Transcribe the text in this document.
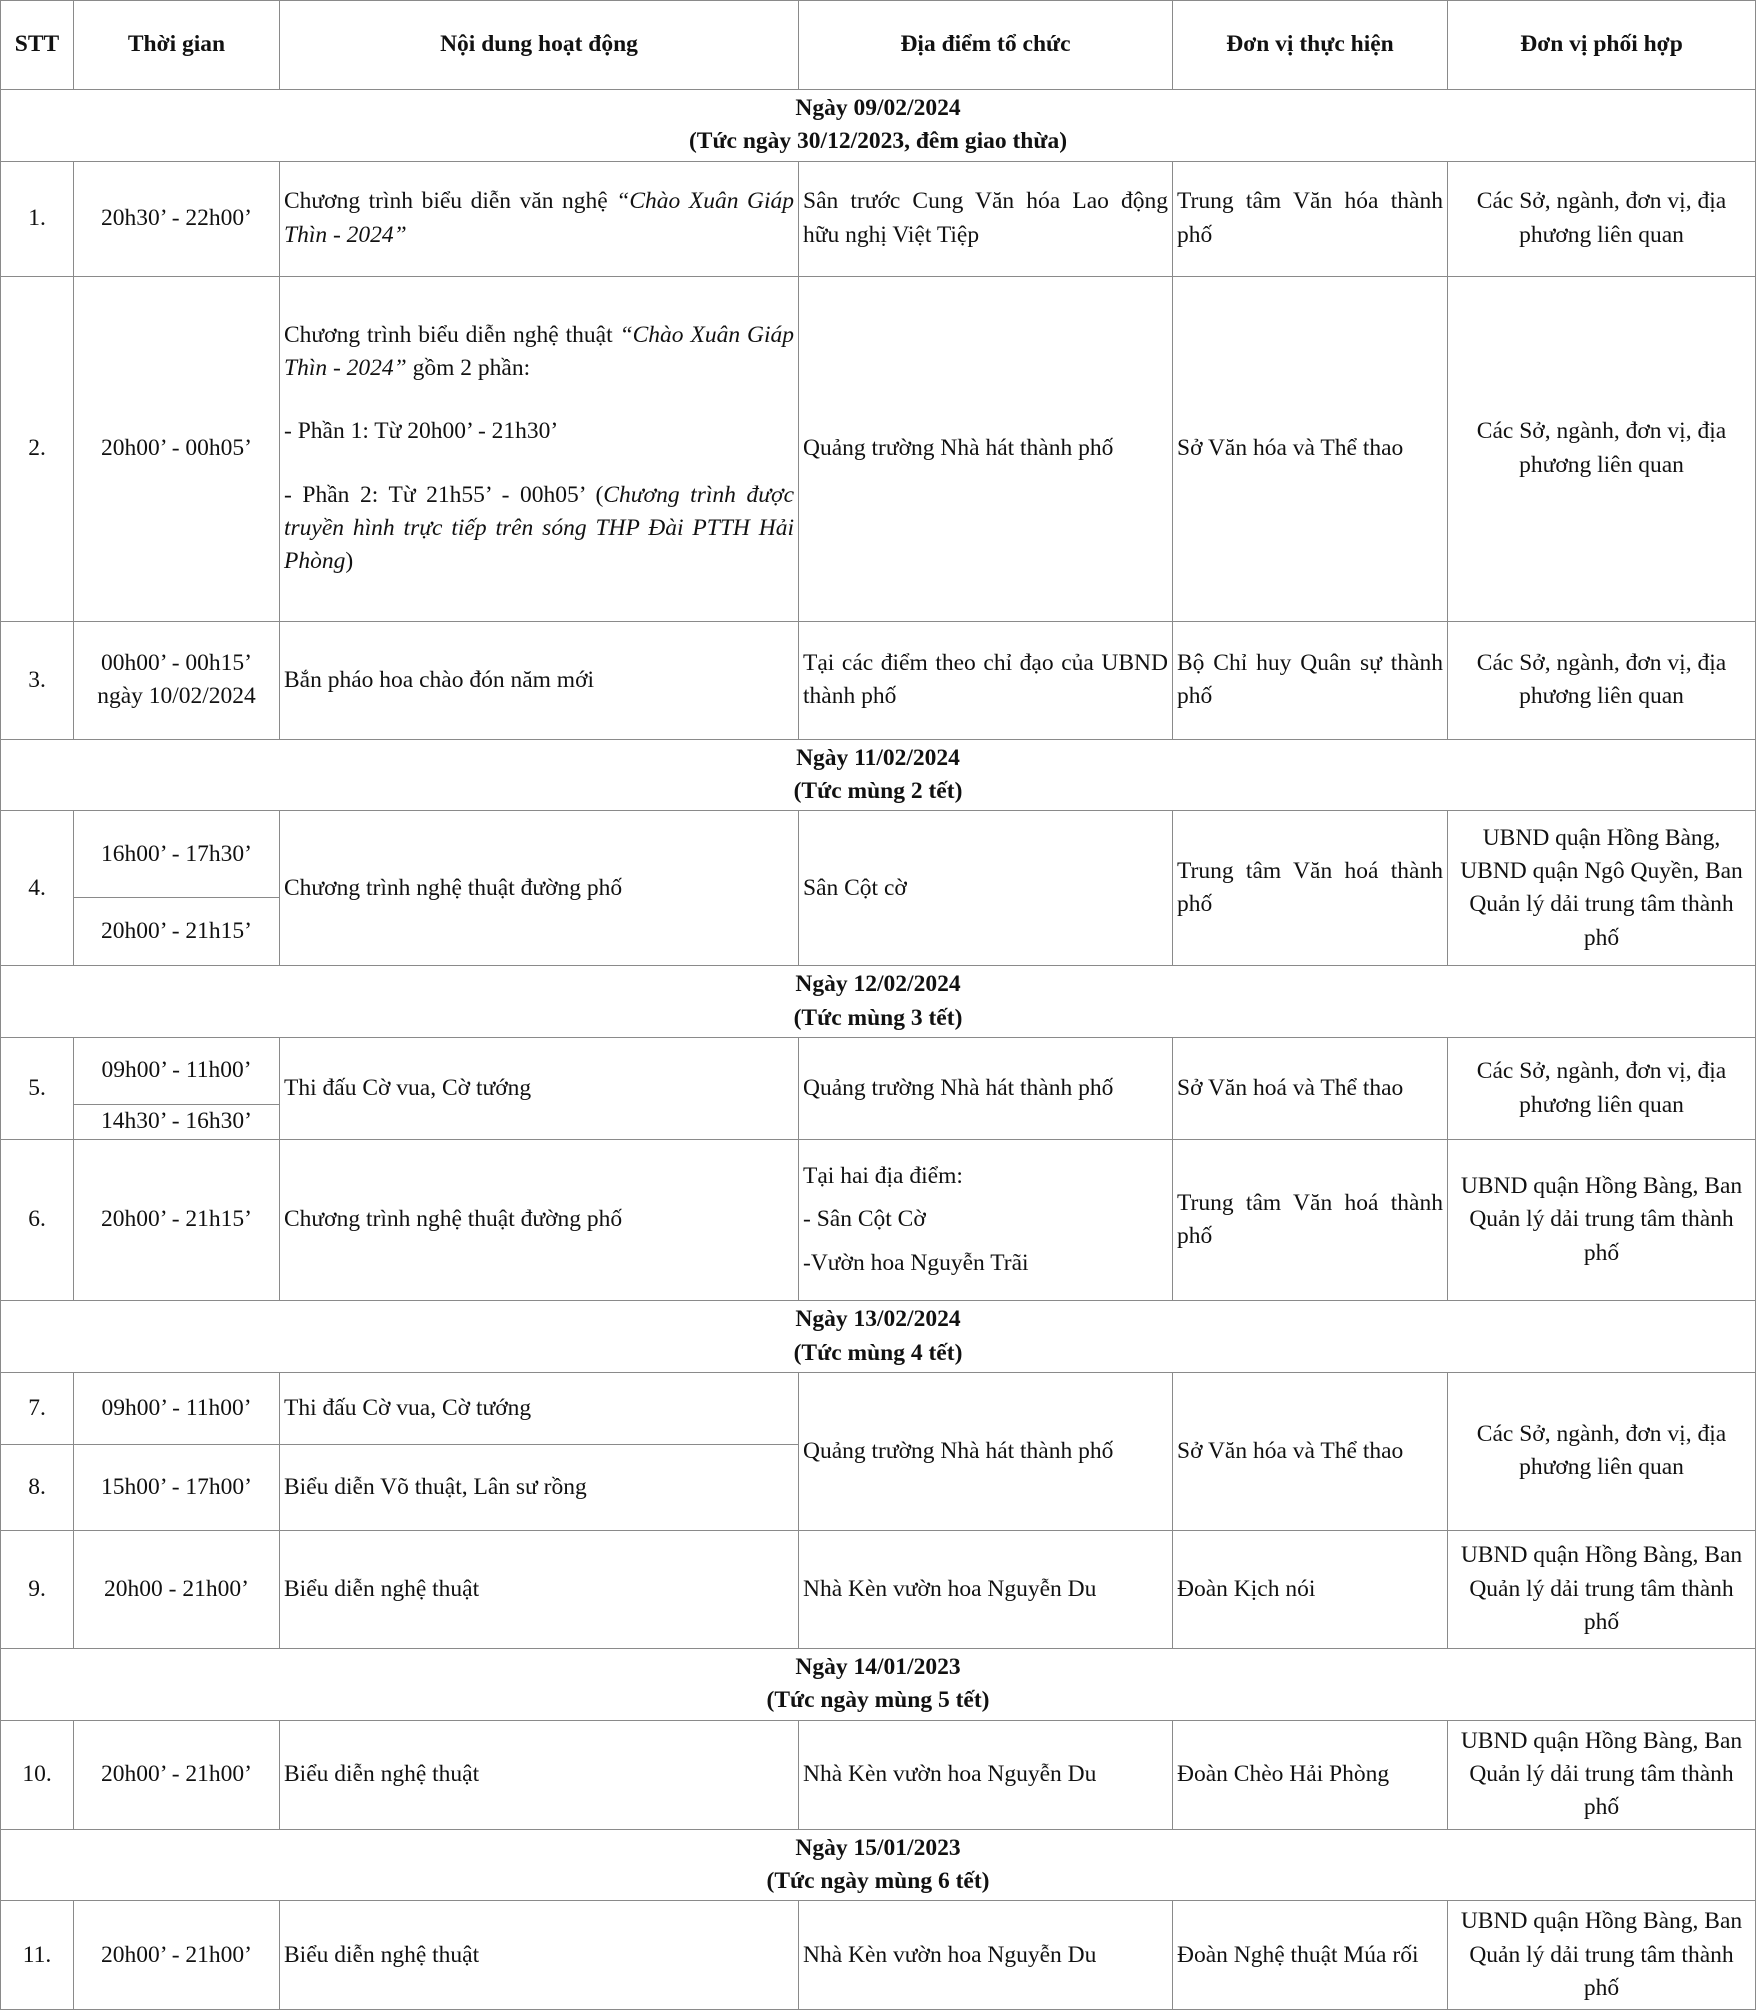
STT	Thời gian	Nội dung hoạt động	Địa điểm tổ chức	Đơn vị thực hiện	Đơn vị phối hợp

Ngày 09/02/2024
(Tức ngày 30/12/2023, đêm giao thừa)					

1.	20h30’ - 22h00’	Chương trình biểu diễn văn nghệ “Chào Xuân Giáp Thìn - 2024”	Sân trước Cung Văn hóa Lao động hữu nghị Việt Tiệp	Trung tâm Văn hóa thành phố	Các Sở, ngành, đơn vị, địa phương liên quan
2.	20h00’ - 00h05’	Chương trình biểu diễn nghệ thuật “Chào Xuân Giáp Thìn - 2024” gồm 2 phần:
- Phần 1: Từ 20h00’ - 21h30’
- Phần 2: Từ 21h55’ - 00h05’ (Chương trình được truyền hình trực tiếp trên sóng THP Đài PTTH Hải Phòng)	Quảng trường Nhà hát thành phố	Sở Văn hóa và Thể thao	Các Sở, ngành, đơn vị, địa phương liên quan
3.	00h00’ - 00h15’
ngày 10/02/2024	Bắn pháo hoa chào đón năm mới	Tại các điểm theo chỉ đạo của UBND thành phố	Bộ Chỉ huy Quân sự thành phố	Các Sở, ngành, đơn vị, địa phương liên quan

Ngày 11/02/2024
(Tức mùng 2 tết)					

4.	16h00’ - 17h30’	Chương trình nghệ thuật đường phố	Sân Cột cờ	Trung tâm Văn hoá thành phố	UBND quận Hồng Bàng, UBND quận Ngô Quyền, Ban Quản lý dải trung tâm thành phố
	20h00’ - 21h15’				

Ngày 12/02/2024
(Tức mùng 3 tết)					

5.	09h00’ - 11h00’	Thi đấu Cờ vua, Cờ tướng	Quảng trường Nhà hát thành phố	Sở Văn hoá và Thể thao	Các Sở, ngành, đơn vị, địa phương liên quan
	14h30’ - 16h30’				
6.	20h00’ - 21h15’	Chương trình nghệ thuật đường phố	Tại hai địa điểm:
- Sân Cột Cờ
-Vườn hoa Nguyễn Trãi	Trung tâm Văn hoá thành phố	UBND quận Hồng Bàng, Ban Quản lý dải trung tâm thành phố

Ngày 13/02/2024
(Tức mùng 4 tết)					

7.	09h00’ - 11h00’	Thi đấu Cờ vua, Cờ tướng	Quảng trường Nhà hát thành phố	Sở Văn hóa và Thể thao	Các Sở, ngành, đơn vị, địa phương liên quan
8.	15h00’ - 17h00’	Biểu diễn Võ thuật, Lân sư rồng			
9.	20h00 - 21h00’	Biểu diễn nghệ thuật	Nhà Kèn vườn hoa Nguyễn Du	Đoàn Kịch nói	UBND quận Hồng Bàng, Ban Quản lý dải trung tâm thành phố

Ngày 14/01/2023
(Tức ngày mùng 5 tết)					

10.	20h00’ - 21h00’	Biểu diễn nghệ thuật	Nhà Kèn vườn hoa Nguyễn Du	Đoàn Chèo Hải Phòng	UBND quận Hồng Bàng, Ban Quản lý dải trung tâm thành phố

Ngày 15/01/2023
(Tức ngày mùng 6 tết)					

11.	20h00’ - 21h00’	Biểu diễn nghệ thuật	Nhà Kèn vườn hoa Nguyễn Du	Đoàn Nghệ thuật Múa rối	UBND quận Hồng Bàng, Ban Quản lý dải trung tâm thành phố
